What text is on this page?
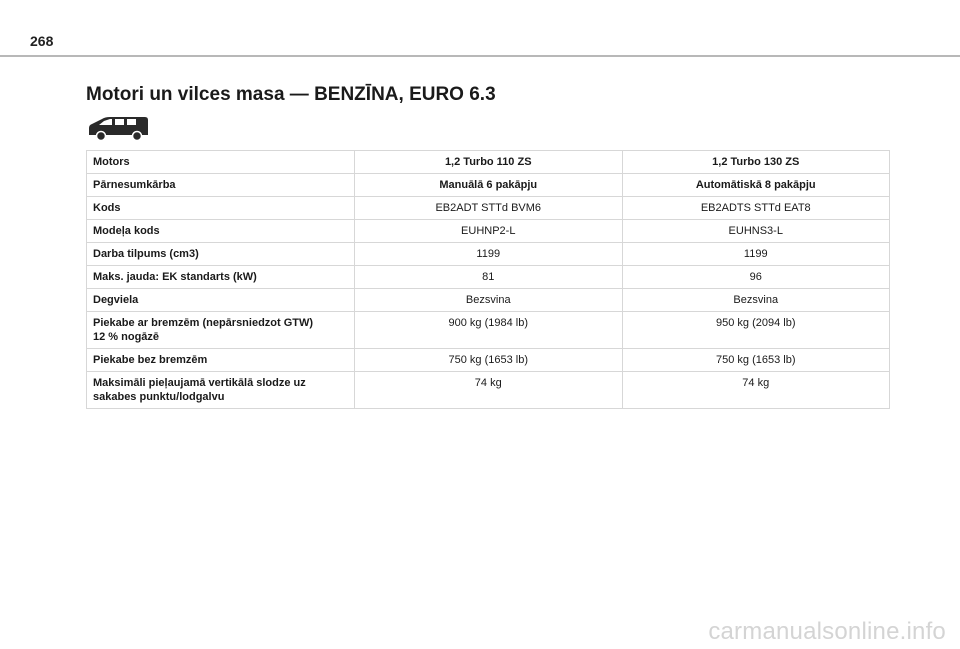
268
Motori un vilces masa — BENZĪNA, EURO 6.3
Motors	1,2 Turbo 110 ZS	1,2 Turbo 130 ZS
Pārnesumkārba	Manuālā 6 pakāpju	Automātiskā 8 pakāpju
Kods	EB2ADT STTd BVM6	EB2ADTS STTd EAT8
Modeļa kods	EUHNP2-L	EUHNS3-L
Darba tilpums (cm3)	1199	1199
Maks. jauda: EK standarts (kW)	81	96
Degviela	Bezsvina	Bezsvina
Piekabe ar bremzēm (nepārsniedzot GTW)
12 % nogāzē	900 kg (1984 lb)	950 kg (2094 lb)
Piekabe bez bremzēm	750 kg (1653 lb)	750 kg (1653 lb)
Maksimāli pieļaujamā vertikālā slodze uz
sakabes punktu/lodgalvu	74 kg	74 kg
carmanualsonline.info
